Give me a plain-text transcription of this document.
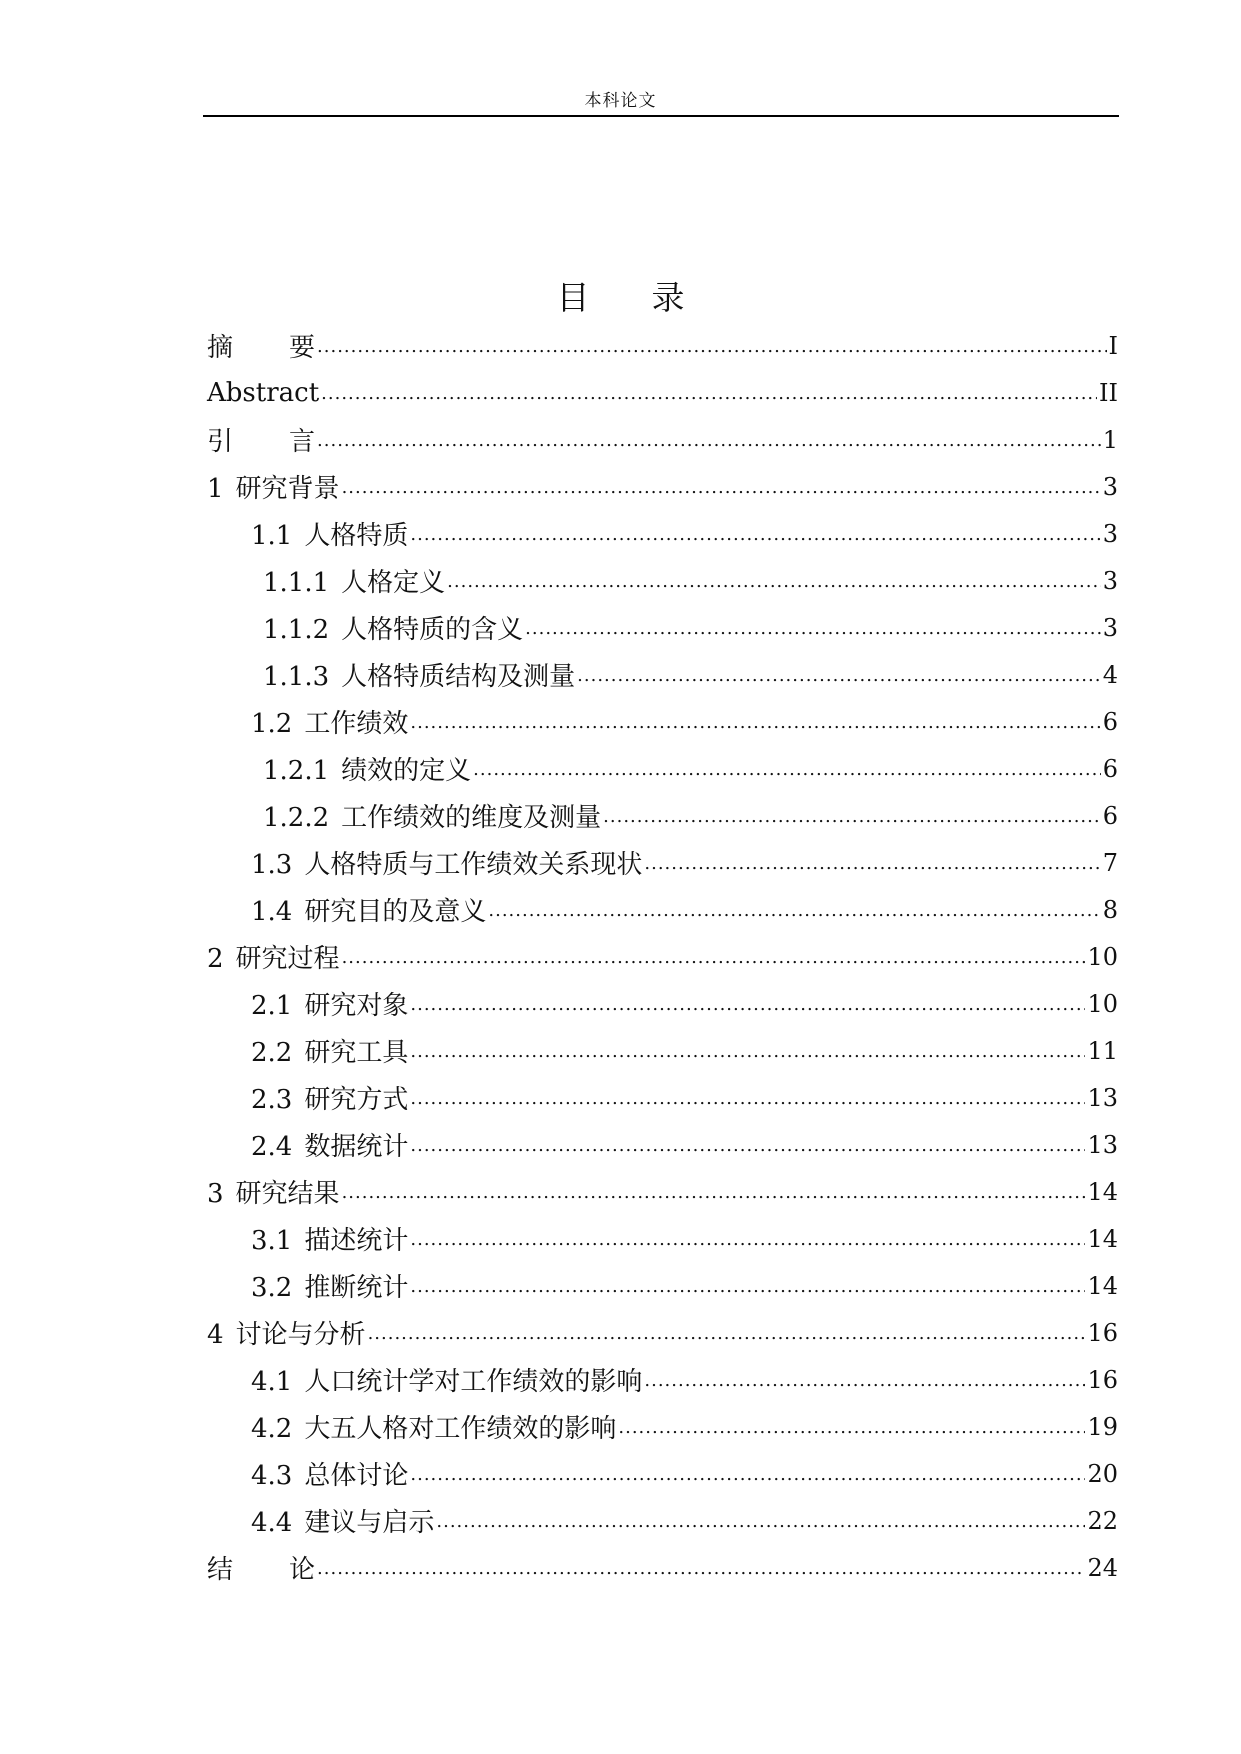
本科论文
目 录
摘 要 .....	I
Abstract .....	II
引 言 .....	1
1 研究背景 .....	3
1.1 人格特质 .....	3
1.1.1 人格定义 .....	3
1.1.2 人格特质的含义 .....	3
1.1.3 人格特质结构及测量 .....	4
1.2 工作绩效 .....	6
1.2.1 绩效的定义 .....	6
1.2.2 工作绩效的维度及测量 .....	6
1.3 人格特质与工作绩效关系现状 .....	7
1.4 研究目的及意义 .....	8
2 研究过程 .....	10
2.1 研究对象 .....	10
2.2 研究工具 .....	11
2.3 研究方式 .....	13
2.4 数据统计 .....	13
3 研究结果 .....	14
3.1 描述统计 .....	14
3.2 推断统计 .....	14
4 讨论与分析 .....	16
4.1 人口统计学对工作绩效的影响 .....	16
4.2 大五人格对工作绩效的影响 .....	19
4.3 总体讨论 .....	20
4.4 建议与启示 .....	22
结 论 .....	24
